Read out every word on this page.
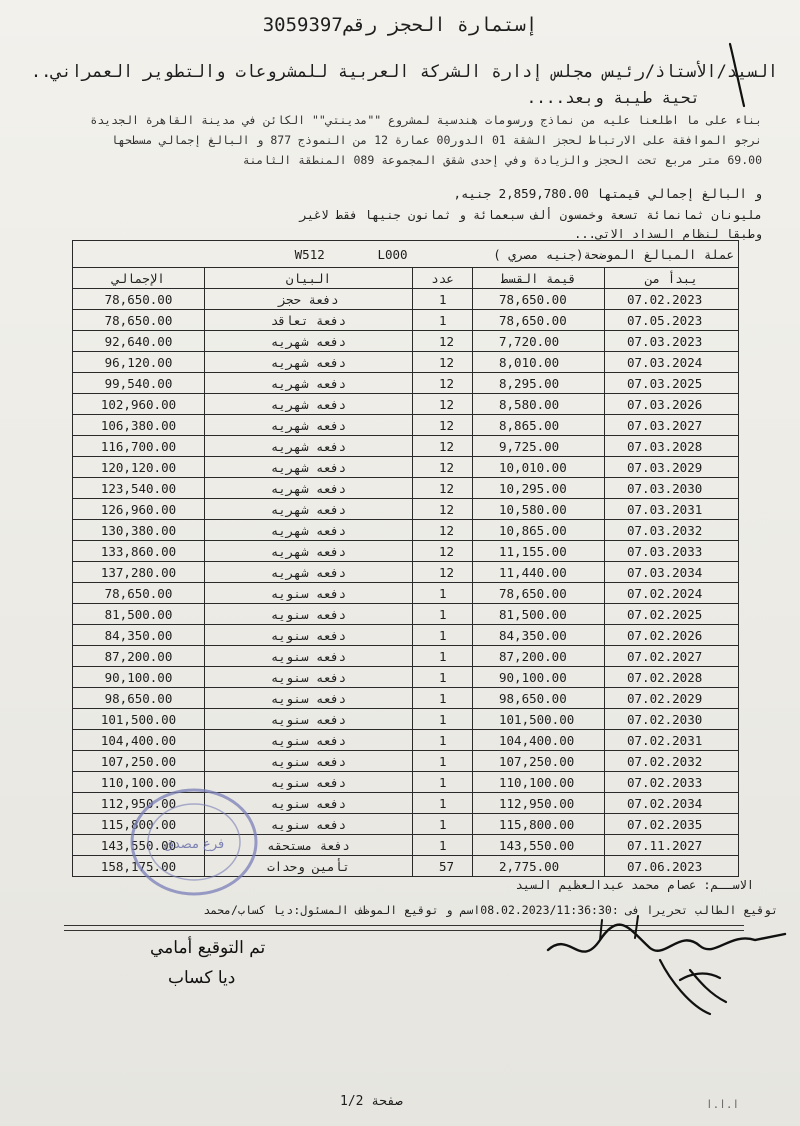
إستمارة الحجز رقم3059397
السيد/الأستاذ/رئيس مجلس إدارة الشركة العربية للمشروعات والتطوير العمراني..
تحية طيبة وبعد....
بناء على ما اطلعنا عليه من نماذج ورسومات هندسية لمشروع ""مدينتي"" الكائن في مدينة القاهرة الجديدة
نرجو الموافقة على الارتباط لحجز الشقة 01 الدور00 عمارة 12 من النموذج 877 و البالغ إجمالي مسطحها
69.00 متر مربع تحت الحجز والزيادة وفي إحدى شقق المجموعة 089 المنطقة الثامنة
و البالغ إجمالي قيمتها 2,859,780.00 جنيه,
مليونان ثمانمائة تسعة وخمسون ألف سبعمائة و ثمانون جنيها فقط لاغير
وطبقا لنظام السداد الاتي...
W512 L000 عملة المبالغ الموضحة(جنيه مصري )				

الإجمالي	البيان	عدد	قيمة القسط	يبدأ من
78,650.00	دفعة حجز	1	78,650.00	07.02.2023
78,650.00	دفعة تعاقد	1	78,650.00	07.05.2023
92,640.00	دفعه شهريه	12	7,720.00	07.03.2023
96,120.00	دفعه شهريه	12	8,010.00	07.03.2024
99,540.00	دفعه شهريه	12	8,295.00	07.03.2025
102,960.00	دفعه شهريه	12	8,580.00	07.03.2026
106,380.00	دفعه شهريه	12	8,865.00	07.03.2027
116,700.00	دفعه شهريه	12	9,725.00	07.03.2028
120,120.00	دفعه شهريه	12	10,010.00	07.03.2029
123,540.00	دفعه شهريه	12	10,295.00	07.03.2030
126,960.00	دفعه شهريه	12	10,580.00	07.03.2031
130,380.00	دفعه شهريه	12	10,865.00	07.03.2032
133,860.00	دفعه شهريه	12	11,155.00	07.03.2033
137,280.00	دفعه شهريه	12	11,440.00	07.03.2034
78,650.00	دفعه سنويه	1	78,650.00	07.02.2024
81,500.00	دفعه سنويه	1	81,500.00	07.02.2025
84,350.00	دفعه سنويه	1	84,350.00	07.02.2026
87,200.00	دفعه سنويه	1	87,200.00	07.02.2027
90,100.00	دفعه سنويه	1	90,100.00	07.02.2028
98,650.00	دفعه سنويه	1	98,650.00	07.02.2029
101,500.00	دفعه سنويه	1	101,500.00	07.02.2030
104,400.00	دفعه سنويه	1	104,400.00	07.02.2031
107,250.00	دفعه سنويه	1	107,250.00	07.02.2032
110,100.00	دفعه سنويه	1	110,100.00	07.02.2033
112,950.00	دفعه سنويه	1	112,950.00	07.02.2034
115,800.00	دفعه سنويه	1	115,800.00	07.02.2035
143,550.00	دفعة مستحقه	1	143,550.00	07.11.2027
158,175.00	تأمين وحدات	57	2,775.00	07.06.2023
الاســم: عصام محمد عبدالعظيم السيد
توقيع الطالب تحريرا فى :08.02.2023/11:36:30اسم و توقيع الموظف المسئول:ديا كساب/محمد
فرع مصدق
تم التوقيع أمامي
ديا كساب
صفحة 1/2	ا.ا.ا
